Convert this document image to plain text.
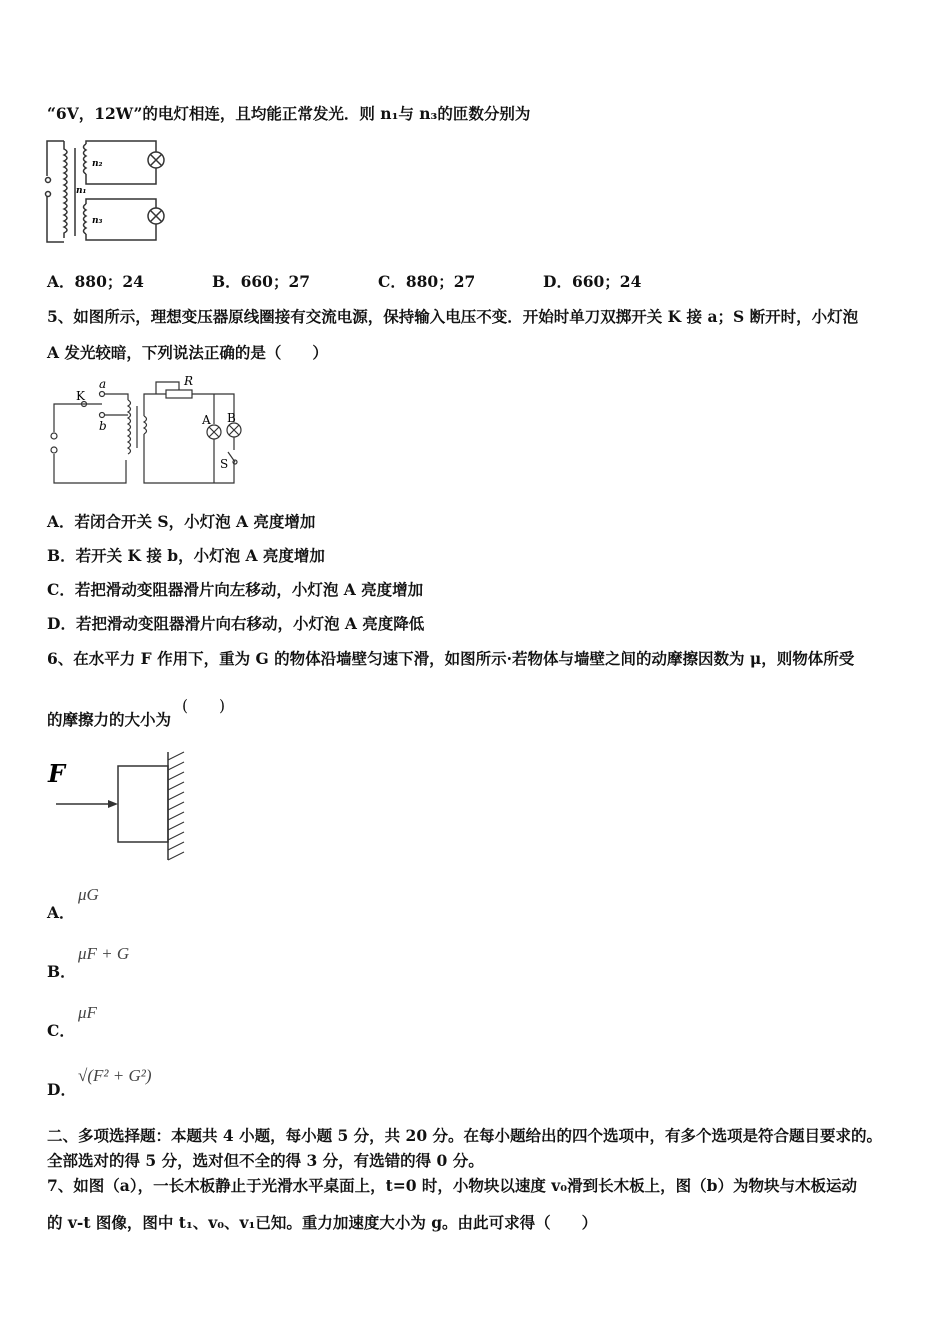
“6V，12W”的电灯相连，且均能正常发光．则 n₁与 n₃的匝数分别为
n₁
n₂
n₃
A．880；24	B．660；27	C．880；27	D．660；24
5、如图所示，理想变压器原线圈接有交流电源，保持输入电压不变．开始时单刀双掷开关 K 接 a；S 断开时，小灯泡
A 发光较暗，下列说法正确的是（　　）
K
a
b
R
A B
S
A．若闭合开关 S，小灯泡 A 亮度增加
B．若开关 K 接 b，小灯泡 A 亮度增加
C．若把滑动变阻器滑片向左移动，小灯泡 A 亮度增加
D．若把滑动变阻器滑片向右移动，小灯泡 A 亮度降低
6、在水平力 F 作用下，重为 G 的物体沿墙壁匀速下滑，如图所示·若物体与墙壁之间的动摩擦因数为 μ，则物体所受
的摩擦力的大小为
(　　)
F
A．
μG
B．
μF + G
C．
μF
D．
√(F² + G²)
二、多项选择题：本题共 4 小题，每小题 5 分，共 20 分。在每小题给出的四个选项中，有多个选项是符合题目要求的。
全部选对的得 5 分，选对但不全的得 3 分，有选错的得 0 分。
7、如图（a），一长木板静止于光滑水平桌面上，t=0 时，小物块以速度 v₀滑到长木板上，图（b）为物块与木板运动
的 v-t 图像，图中 t₁、v₀、v₁已知。重力加速度大小为 g。由此可求得（　　）
